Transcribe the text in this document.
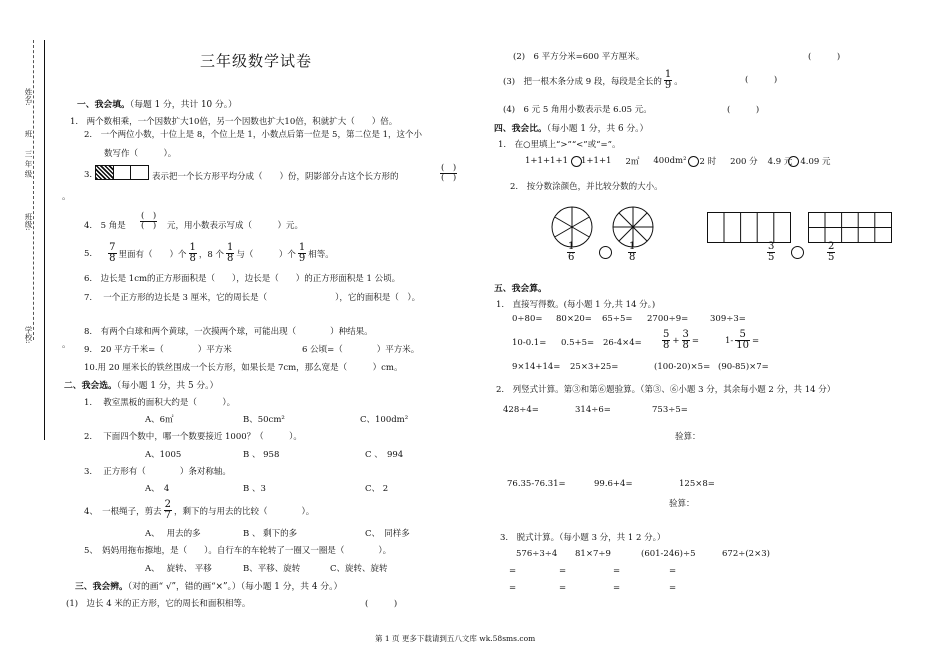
姓名:
班
三 年 级
班级:
学校:
。
。
三年级数学试卷
一、我会填。（每题 1 分，共计 10 分。）
1.　两个数相乘，一个因数扩大10倍，另一个因数也扩大10倍，积就扩大（　　）倍。
2.　一个两位小数，十位上是 8，个位上是 1，小数点后第一位是 5，第二位是 1，这个小
数写作（　　　）。
3.	表示把一个长方形平均分成（　　）份，阴影部分占这个长方形的	$\frac{( )}{( )}$
4.　5 角是 $\frac{( )}{( )}$ 元，用小数表示写成（　　　）元。
5. $\frac{7}{8}$ 里面有（　　）个 $\frac{1}{8}$ ，8 个 $\frac{1}{8}$ 与（　　　） 个 $\frac{1}{9}$ 相等。
6.　边长是 1cm的正方形面积是（　　），边长是（　　）的正方形面积是 1 公顷。
7.　 一个正方形的边长是 3 厘米，它的周长是（　　　　　　　　），它的面积是（　）。
8.　有两个白球和两个黄球，一次摸两个球，可能出现（　　　　）种结果。
9.　20 平方千米=（　　　　）平方米	6 公顷=（　　　　）平方米。
10.用 20 厘米长的铁丝围成一个长方形，如果长是 7cm，那么宽是（　　　）cm。
二、我会选。（每小题 1 分，共 5 分。）
1.　 教室黑板的面积大约是（　　　）。
A、6㎡	B、50cm²	C、100dm²
2.　 下面四个数中，哪一个数要接近 1000？（　　　）。
A、1005	B 、 958	C 、　994
3.　 正方形有（　　　　）条对称轴。
A、　4	B 、3	C、 2
4、　一根绳子，剪去 $\frac{2}{7}$ ，剩下的与用去的比较（　　　　）。
A、　 用去的多	B 、 剩下的多	C、　同样多
5、　妈妈用拖布擦地，是（　　）。自行车的车轮转了一圈又一圈是（　　　　）。
A、　 旋转、 平移	B、平移、旋转	C、旋转、旋转
三、我会辨。（对的画“ √”，错的画“×”。）（每小题 1 分，共 4 分。）
(1)　边长 4 米的正方形，它的周长和面积相等。	(　　　)
(2)　6 平方分米=600 平方厘米。	(　　　)
(3)　把一根木条分成 9 段，每段是全长的 $\frac{1}{9}$ 。	(　　　)
(4)　6 元 5 角用小数表示是 6.05 元。	(　　　)
四、我会比。（每小题 1 分，共 6 分。）
1.　在○里填上“>”“<”或“=”。
1+1+1+1 1+1+1 2㎡ 400dm² 2 时 200 分 4.9 元 4.09 元
2.　按分数涂颜色，并比较分数的大小。
$\frac{1}{6}$	$\frac{1}{8}$	$\frac{3}{5}$	$\frac{2}{5}$
五、我会算。
1.　直接写得数。(每小题 1 分,共 14 分。)
0÷80= 80×20= 65÷5= 2700÷9=	309÷3=
$10-0.1= 0.5+5= 26-4\times 4= \frac{5}{8} + \frac{3}{8}$ =	$1- \frac{5}{10}$ =
9×14+14= 25×3+25=	(100-20)×5= (90-85)×7=
2.　列竖式计算。第③和第⑥题验算。（第③、⑥小题 3 分，其余每小题 2 分，共 14 分）
428÷4=	314÷6=	753÷5=
验算：
76.35-76.31=	99.6+4=	125×8=
验算：
3.　脱式计算。（每小题 3 分，共 1 2 分。）
576÷3÷4 81×7÷9	(601-246)÷5	672÷(2×3)
=	=	=	=
=	=	=	=
第 1 页 更多下载请到五八文库 wk.58sms.com
